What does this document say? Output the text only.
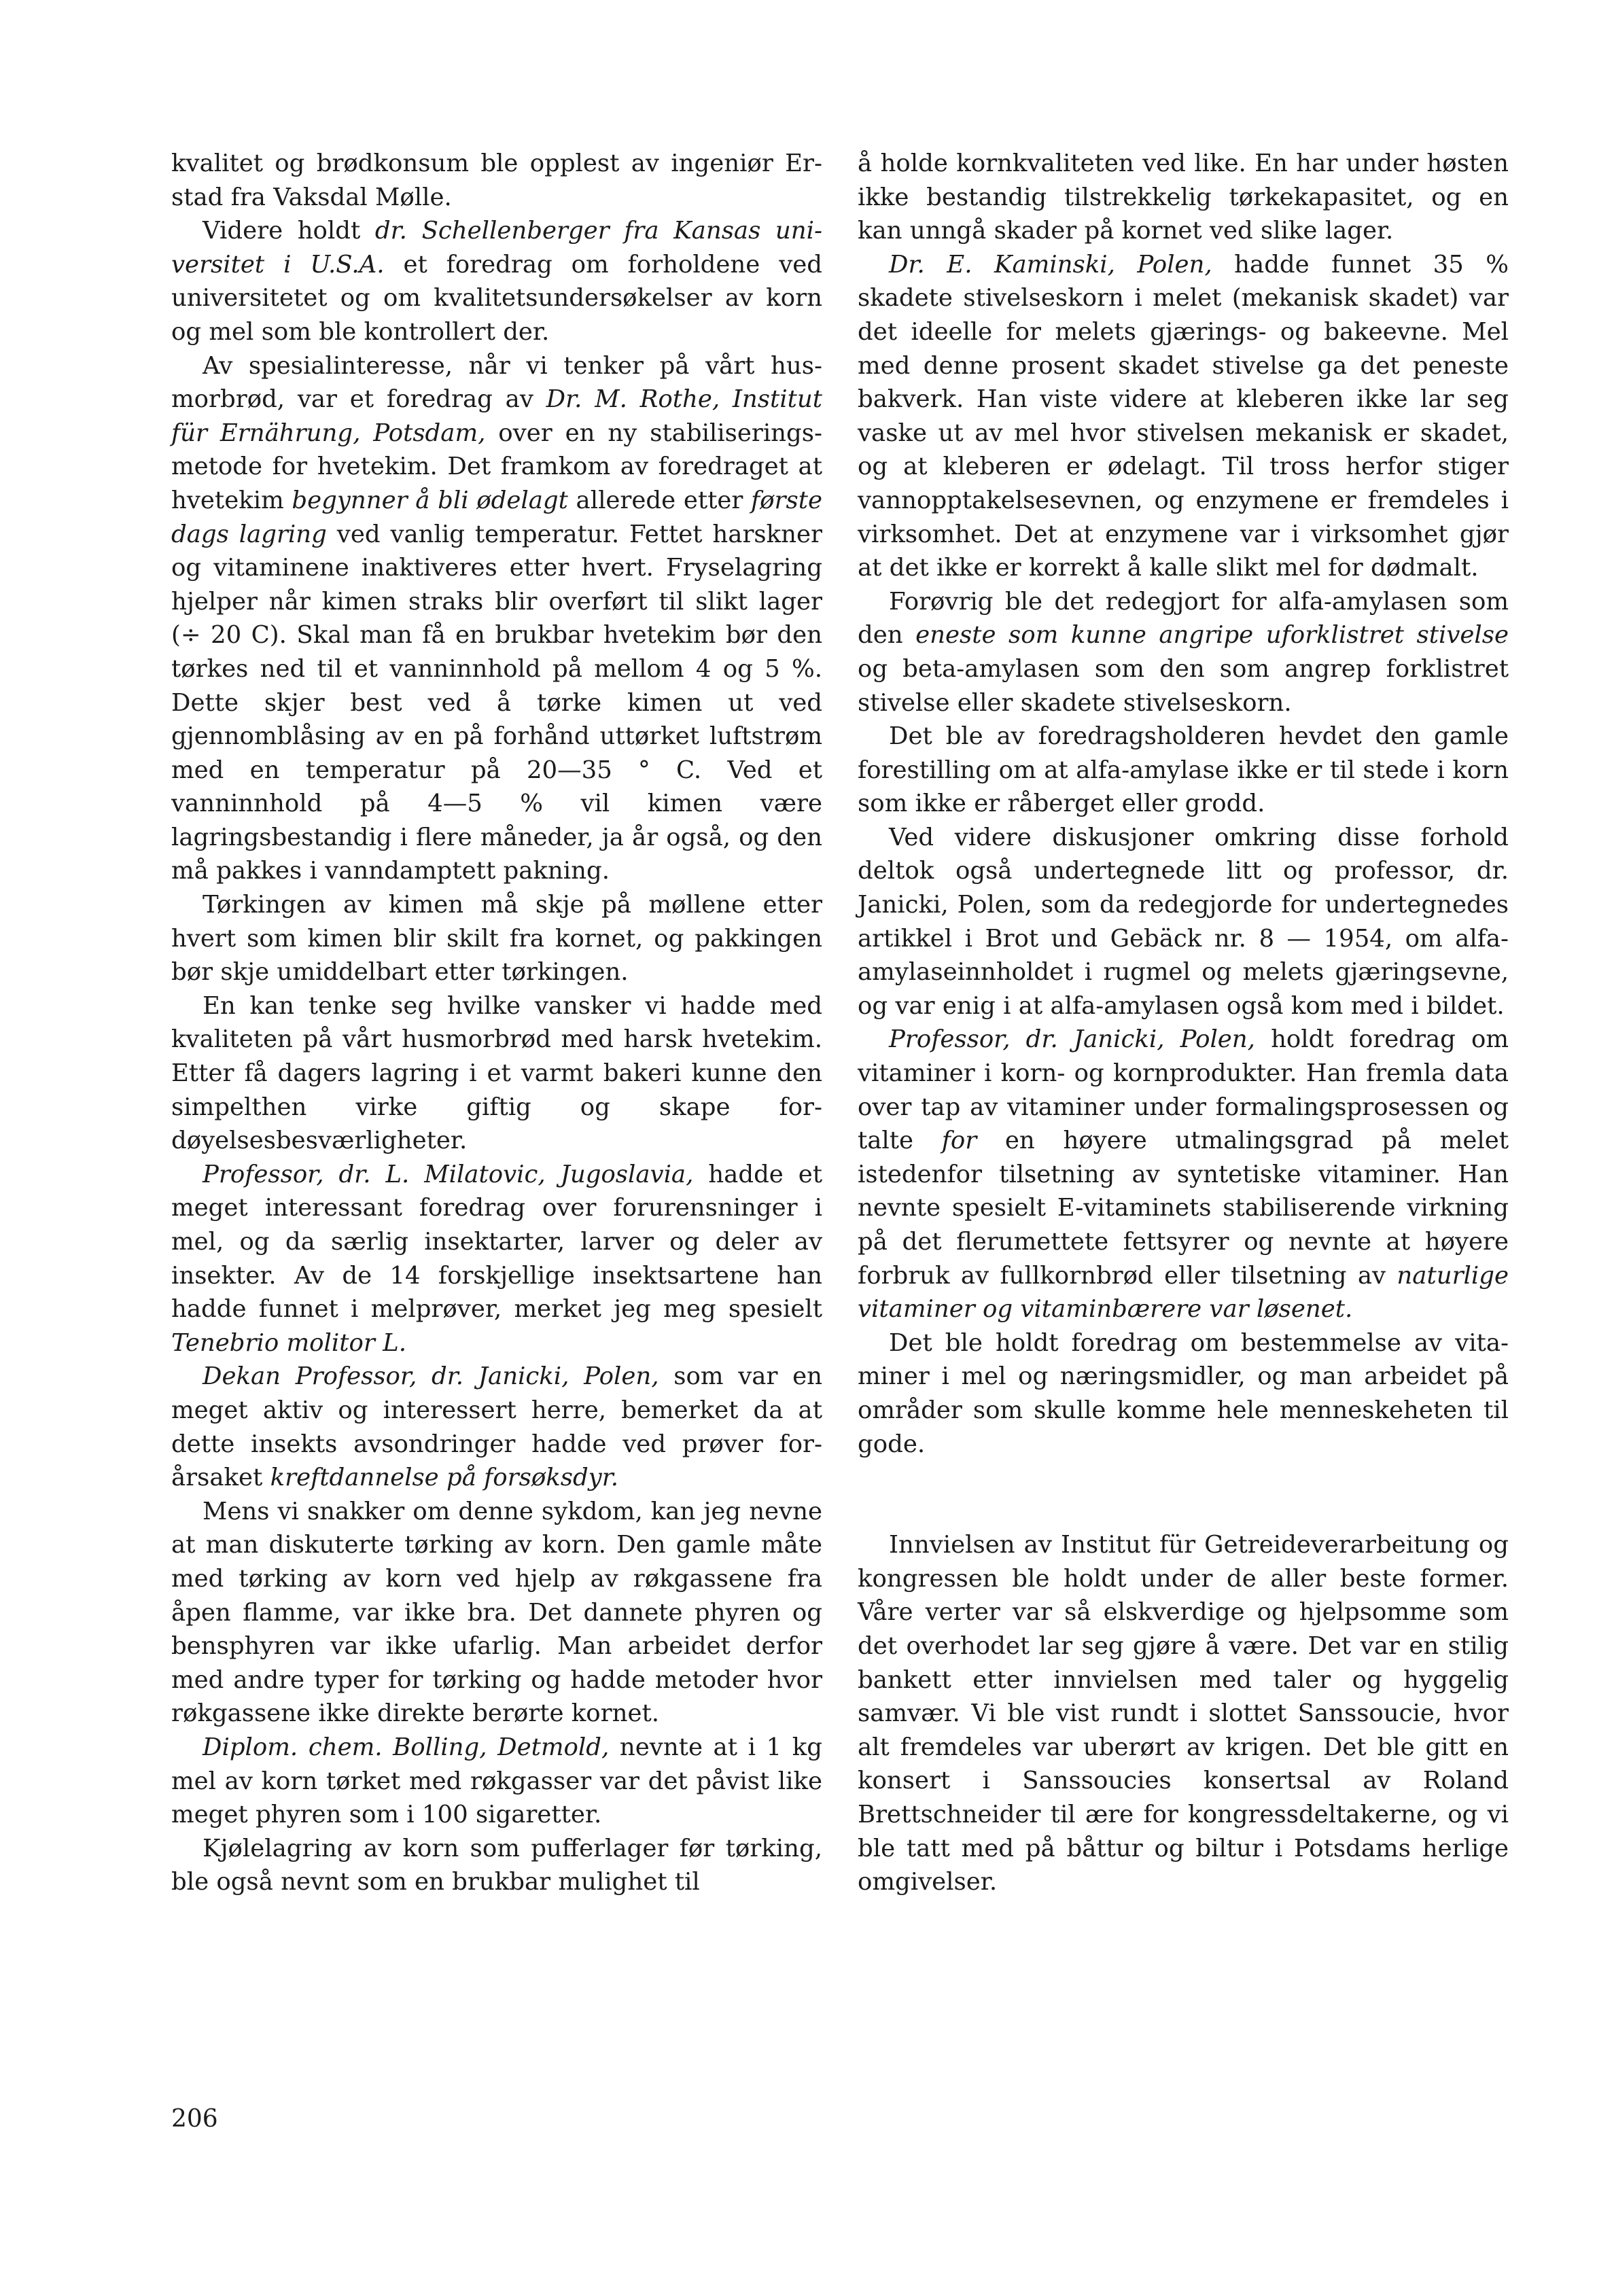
kvalitet og brødkonsum ble opplest av ingeniør Erstad fra Vaksdal Mølle.

Videre holdt dr. Schellenberger fra Kansas universitet i U.S.A. et foredrag om forholdene ved universitetet og om kvalitetsundersøkelser av korn og mel som ble kontrollert der.

Av spesialinteresse, når vi tenker på vårt husmorbrød, var et foredrag av Dr. M. Rothe, Institut für Ernährung, Potsdam, over en ny stabiliseringsmetode for hvetekim. Det framkom av foredraget at hvetekim begynner å bli ødelagt allerede etter første dags lagring ved vanlig temperatur. Fettet harskner og vitaminene inaktiveres etter hvert. Fryselagring hjelper når kimen straks blir overført til slikt lager (÷ 20 C). Skal man få en brukbar hvetekim bør den tørkes ned til et vanninnhold på mellom 4 og 5 %. Dette skjer best ved å tørke kimen ut ved gjennomblåsing av en på forhånd uttørket luftstrøm med en temperatur på 20—35 ° C. Ved et vanninnhold på 4—5 % vil kimen være lagringsbestandig i flere måneder, ja år også, og den må pakkes i vanndamptett pakning.

Tørkingen av kimen må skje på møllene etter hvert som kimen blir skilt fra kornet, og pakkingen bør skje umiddelbart etter tørkingen.

En kan tenke seg hvilke vansker vi hadde med kvaliteten på vårt husmorbrød med harsk hvetekim. Etter få dagers lagring i et varmt bakeri kunne den simpelthen virke giftig og skape fordøyelsesbesværligheter.

Professor, dr. L. Milatovic, Jugoslavia, hadde et meget interessant foredrag over forurensninger i mel, og da særlig insektarter, larver og deler av insekter. Av de 14 forskjellige insektsartene han hadde funnet i melprøver, merket jeg meg spesielt Tenebrio molitor L.

Dekan Professor, dr. Janicki, Polen, som var en meget aktiv og interessert herre, bemerket da at dette insekts avsondringer hadde ved prøver forårsaket kreftdannelse på forsøksdyr.

Mens vi snakker om denne sykdom, kan jeg nevne at man diskuterte tørking av korn. Den gamle måte med tørking av korn ved hjelp av røkgassene fra åpen flamme, var ikke bra. Det dannete phyren og bensphyren var ikke ufarlig. Man arbeidet derfor med andre typer for tørking og hadde metoder hvor røkgassene ikke direkte berørte kornet.

Diplom. chem. Bolling, Detmold, nevnte at i 1 kg mel av korn tørket med røkgasser var det påvist like meget phyren som i 100 sigaretter.

Kjølelagring av korn som pufferlager før tørking, ble også nevnt som en brukbar mulighet til

å holde kornkvaliteten ved like. En har under høsten ikke bestandig tilstrekkelig tørkekapasitet, og en kan unngå skader på kornet ved slike lager.

Dr. E. Kaminski, Polen, hadde funnet 35 % skadete stivelseskorn i melet (mekanisk skadet) var det ideelle for melets gjærings- og bakeevne. Mel med denne prosent skadet stivelse ga det peneste bakverk. Han viste videre at kleberen ikke lar seg vaske ut av mel hvor stivelsen mekanisk er skadet, og at kleberen er ødelagt. Til tross herfor stiger vannopptakelsesevnen, og enzymene er fremdeles i virksomhet. Det at enzymene var i virksomhet gjør at det ikke er korrekt å kalle slikt mel for dødmalt.

Forøvrig ble det redegjort for alfa-amylasen som den eneste som kunne angripe uforklistret stivelse og beta-amylasen som den som angrep forklistret stivelse eller skadete stivelseskorn.

Det ble av foredragsholderen hevdet den gamle forestilling om at alfa-amylase ikke er til stede i korn som ikke er råberget eller grodd.

Ved videre diskusjoner omkring disse forhold deltok også undertegnede litt og professor, dr. Janicki, Polen, som da redegjorde for undertegnedes artikkel i Brot und Gebäck nr. 8 — 1954, om alfa-amylaseinnholdet i rugmel og melets gjæringsevne, og var enig i at alfa-amylasen også kom med i bildet.

Professor, dr. Janicki, Polen, holdt foredrag om vitaminer i korn- og kornprodukter. Han fremla data over tap av vitaminer under formalingsprosessen og talte for en høyere utmalingsgrad på melet istedenfor tilsetning av syntetiske vitaminer. Han nevnte spesielt E-vitaminets stabiliserende virkning på det flerumettete fettsyrer og nevnte at høyere forbruk av fullkornbrød eller tilsetning av naturlige vitaminer og vitaminbærere var løsenet.

Det ble holdt foredrag om bestemmelse av vitaminer i mel og næringsmidler, og man arbeidet på områder som skulle komme hele menneskeheten til gode.

Innvielsen av Institut für Getreideverarbeitung og kongressen ble holdt under de aller beste former. Våre verter var så elskverdige og hjelpsomme som det overhodet lar seg gjøre å være. Det var en stilig bankett etter innvielsen med taler og hyggelig samvær. Vi ble vist rundt i slottet Sanssoucie, hvor alt fremdeles var uberørt av krigen. Det ble gitt en konsert i Sanssoucies konsertsal av Roland Brettschneider til ære for kongressdeltakerne, og vi ble tatt med på båttur og biltur i Potsdams herlige omgivelser.

206
